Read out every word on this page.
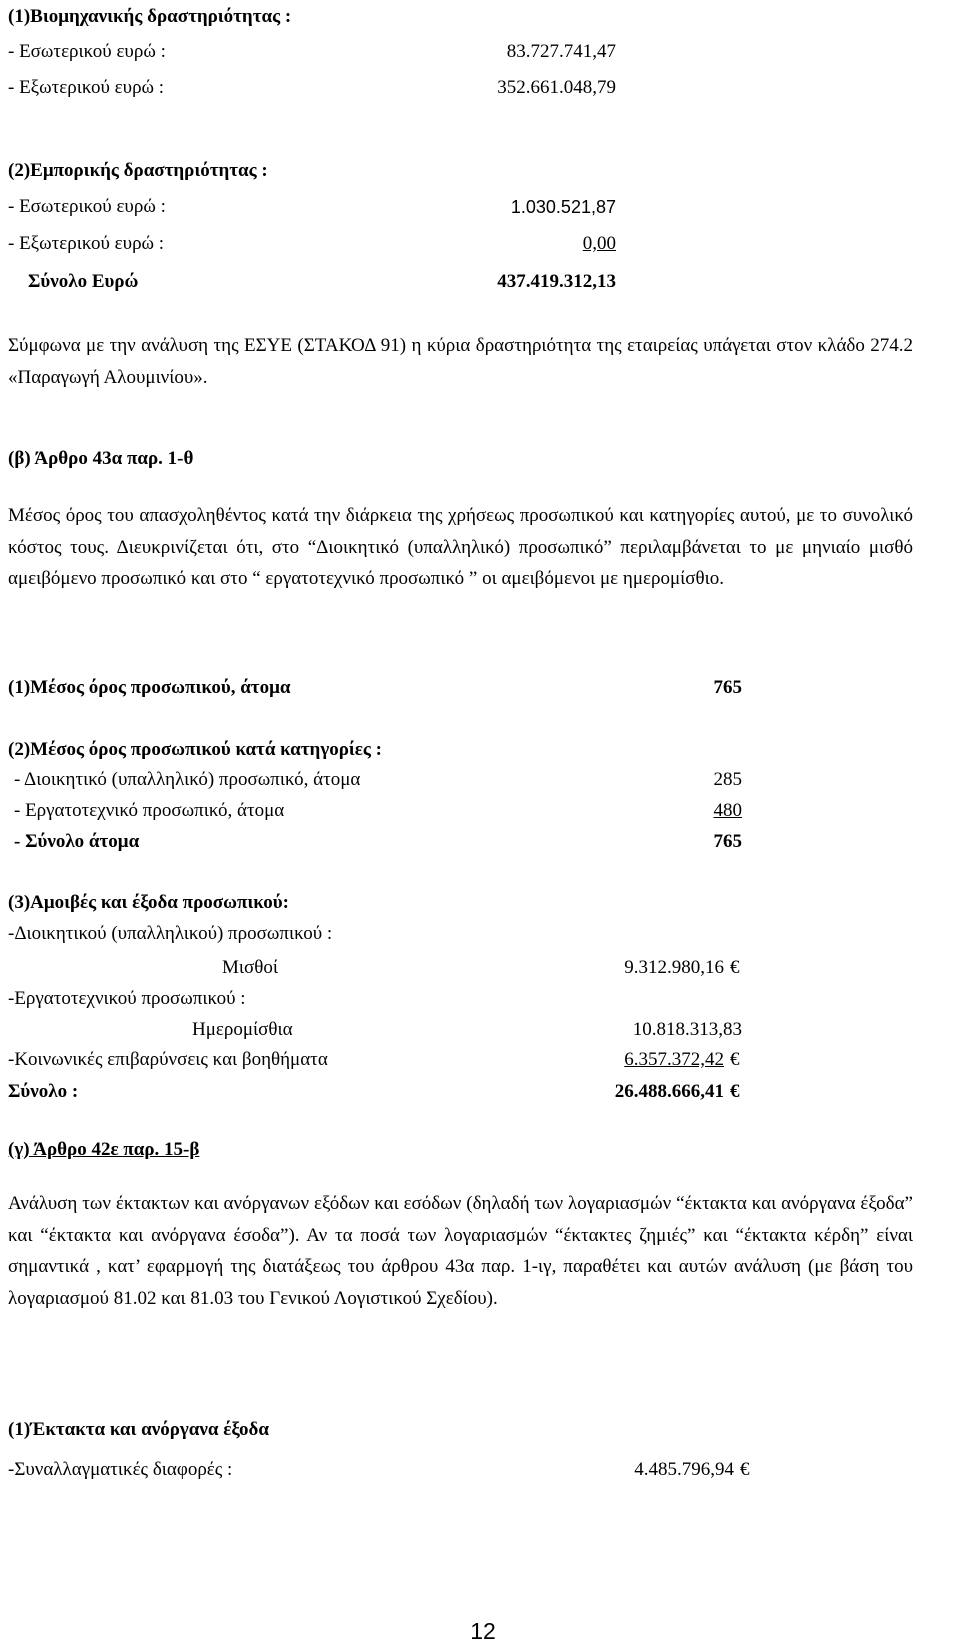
(1)Βιομηχανικής δραστηριότητας :
- Εσωτερικού ευρώ :	83.727.741,47
- Εξωτερικού ευρώ :	352.661.048,79
(2)Εμπορικής δραστηριότητας :
- Εσωτερικού ευρώ :	1.030.521,87
- Εξωτερικού ευρώ :	0,00
Σύνολο Ευρώ	437.419.312,13
Σύμφωνα με την ανάλυση της ΕΣΥΕ (ΣΤΑΚΟΔ 91) η κύρια δραστηριότητα της εταιρείας υπάγεται στον κλάδο 274.2 «Παραγωγή Αλουμινίου».
(β) Άρθρο 43α παρ. 1-θ
Μέσος όρος του απασχοληθέντος κατά την διάρκεια της χρήσεως προσωπικού και κατηγορίες αυτού, με το συνολικό κόστος τους. Διευκρινίζεται ότι, στο “Διοικητικό (υπαλληλικό) προσωπικό” περιλαμβάνεται το με μηνιαίο μισθό αμειβόμενο προσωπικό και στο “ εργατοτεχνικό προσωπικό ” οι αμειβόμενοι με ημερομίσθιο.
(1)Μέσος όρος προσωπικού, άτομα	765
(2)Μέσος όρος προσωπικού κατά κατηγορίες :
- Διοικητικό (υπαλληλικό) προσωπικό, άτομα	285
- Εργατοτεχνικό προσωπικό, άτομα	480
- Σύνολο άτομα	765
(3)Αμοιβές και έξοδα προσωπικού:
-Διοικητικού (υπαλληλικού) προσωπικού :
Μισθοί	9.312.980,16 €
-Εργατοτεχνικού προσωπικού :
Ημερομίσθια	10.818.313,83
-Κοινωνικές επιβαρύνσεις και βοηθήματα	6.357.372,42 €
Σύνολο :	26.488.666,41 €
(γ) Άρθρο 42ε παρ. 15-β
Ανάλυση των έκτακτων και ανόργανων εξόδων και εσόδων (δηλαδή των λογαριασμών “έκτακτα και ανόργανα έξοδα” και “έκτακτα και ανόργανα έσοδα”). Αν τα ποσά των λογαριασμών “έκτακτες ζημιές” και “έκτακτα κέρδη” είναι σημαντικά , κατ’ εφαρμογή της διατάξεως του άρθρου 43α παρ. 1-ιγ, παραθέτει και αυτών ανάλυση (με βάση του λογαριασμού 81.02 και 81.03 του Γενικού Λογιστικού Σχεδίου).
(1)Έκτακτα και ανόργανα έξοδα
-Συναλλαγματικές διαφορές :	4.485.796,94 €
12
